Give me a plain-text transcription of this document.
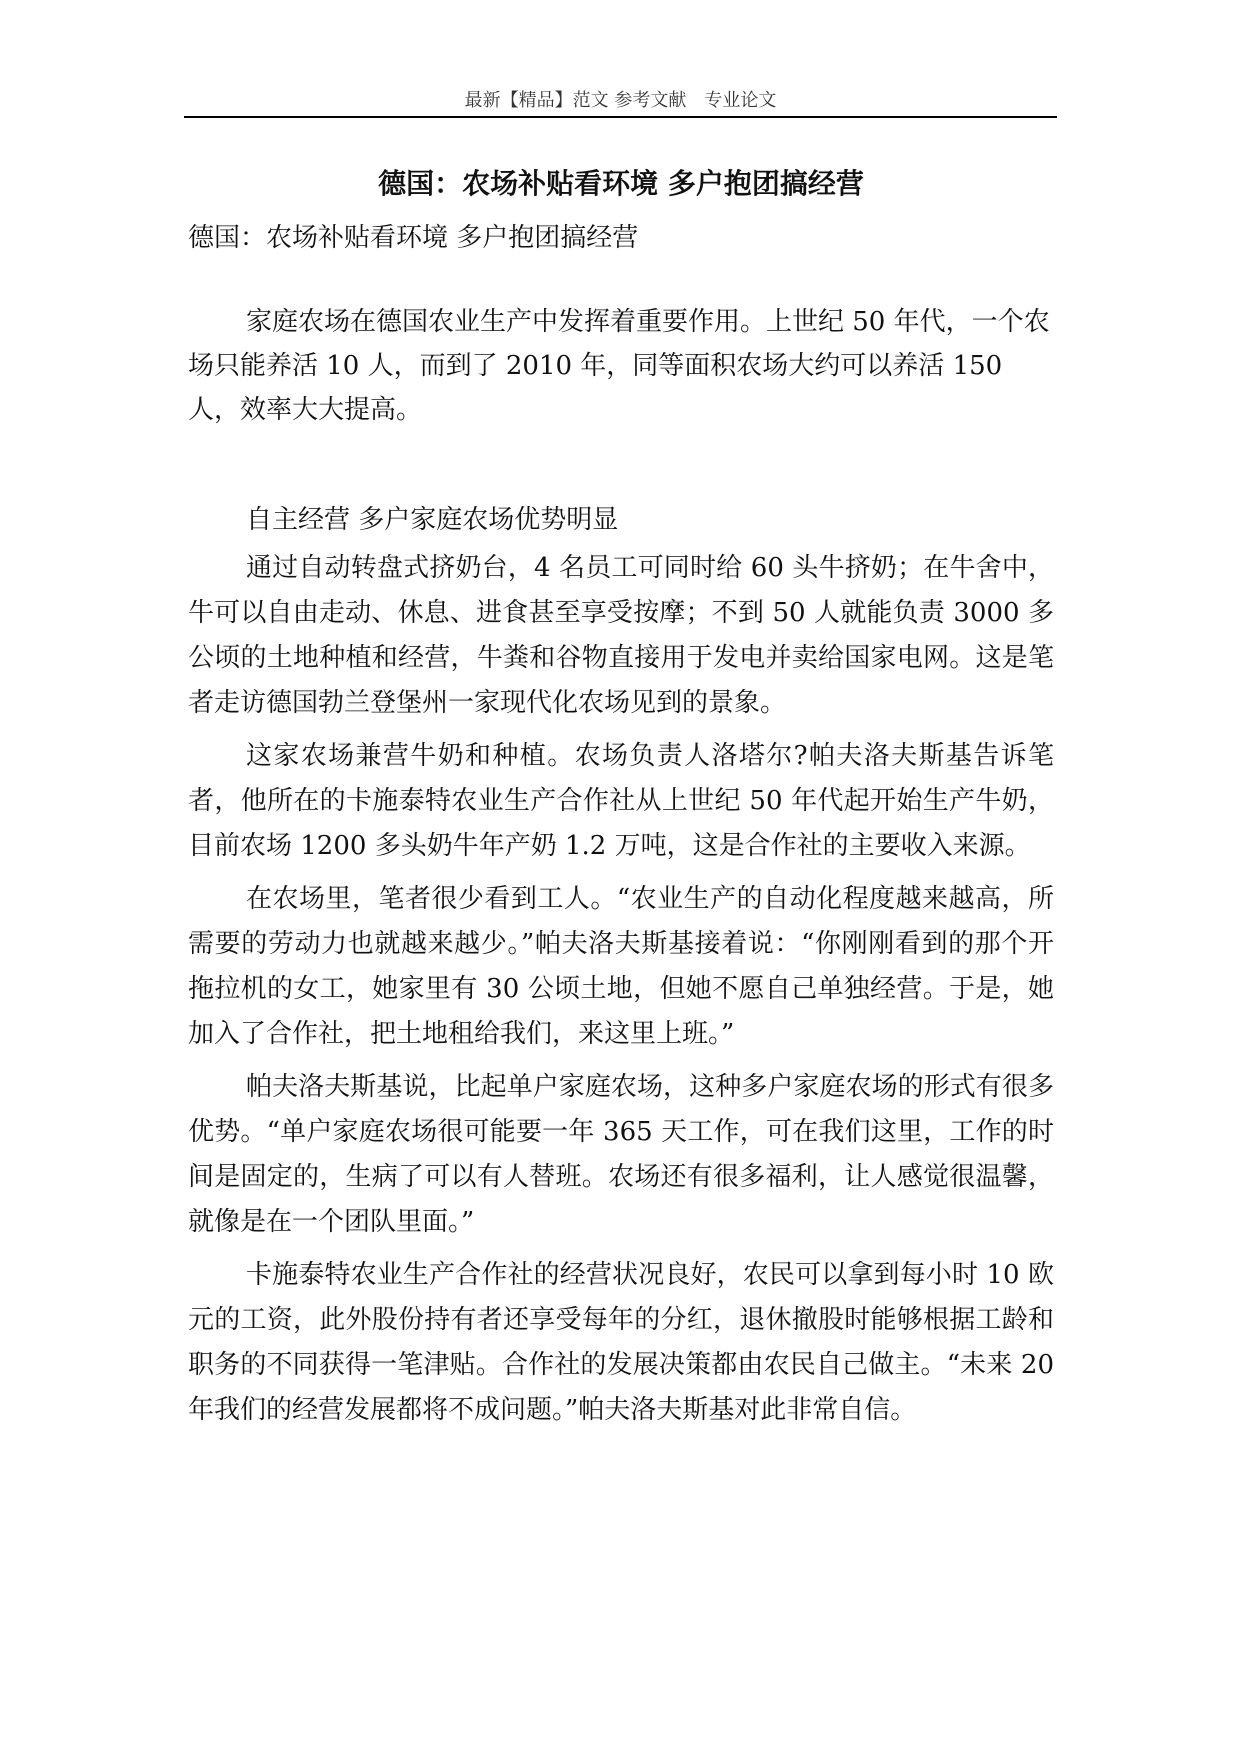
最新【精品】范文 参考文献　专业论文
德国：农场补贴看环境 多户抱团搞经营
德国：农场补贴看环境 多户抱团搞经营

家庭农场在德国农业生产中发挥着重要作用。上世纪 50 年代，一个农场只能养活 10 人，而到了 2010 年，同等面积农场大约可以养活 150 人，效率大大提高。

自主经营 多户家庭农场优势明显

通过自动转盘式挤奶台，4 名员工可同时给 60 头牛挤奶；在牛舍中，牛可以自由走动、休息、进食甚至享受按摩；不到 50 人就能负责 3000 多公顷的土地种植和经营，牛粪和谷物直接用于发电并卖给国家电网。这是笔者走访德国勃兰登堡州一家现代化农场见到的景象。

这家农场兼营牛奶和种植。农场负责人洛塔尔?帕夫洛夫斯基告诉笔者，他所在的卡施泰特农业生产合作社从上世纪 50 年代起开始生产牛奶，目前农场 1200 多头奶牛年产奶 1.2 万吨，这是合作社的主要收入来源。

在农场里，笔者很少看到工人。“农业生产的自动化程度越来越高，所需要的劳动力也就越来越少。”帕夫洛夫斯基接着说：“你刚刚看到的那个开拖拉机的女工，她家里有 30 公顷土地，但她不愿自己单独经营。于是，她加入了合作社，把土地租给我们，来这里上班。”

帕夫洛夫斯基说，比起单户家庭农场，这种多户家庭农场的形式有很多优势。“单户家庭农场很可能要一年 365 天工作，可在我们这里，工作的时间是固定的，生病了可以有人替班。农场还有很多福利，让人感觉很温馨，就像是在一个团队里面。”

卡施泰特农业生产合作社的经营状况良好，农民可以拿到每小时 10 欧元的工资，此外股份持有者还享受每年的分红，退休撤股时能够根据工龄和职务的不同获得一笔津贴。合作社的发展决策都由农民自己做主。“未来 20 年我们的经营发展都将不成问题。”帕夫洛夫斯基对此非常自信。
